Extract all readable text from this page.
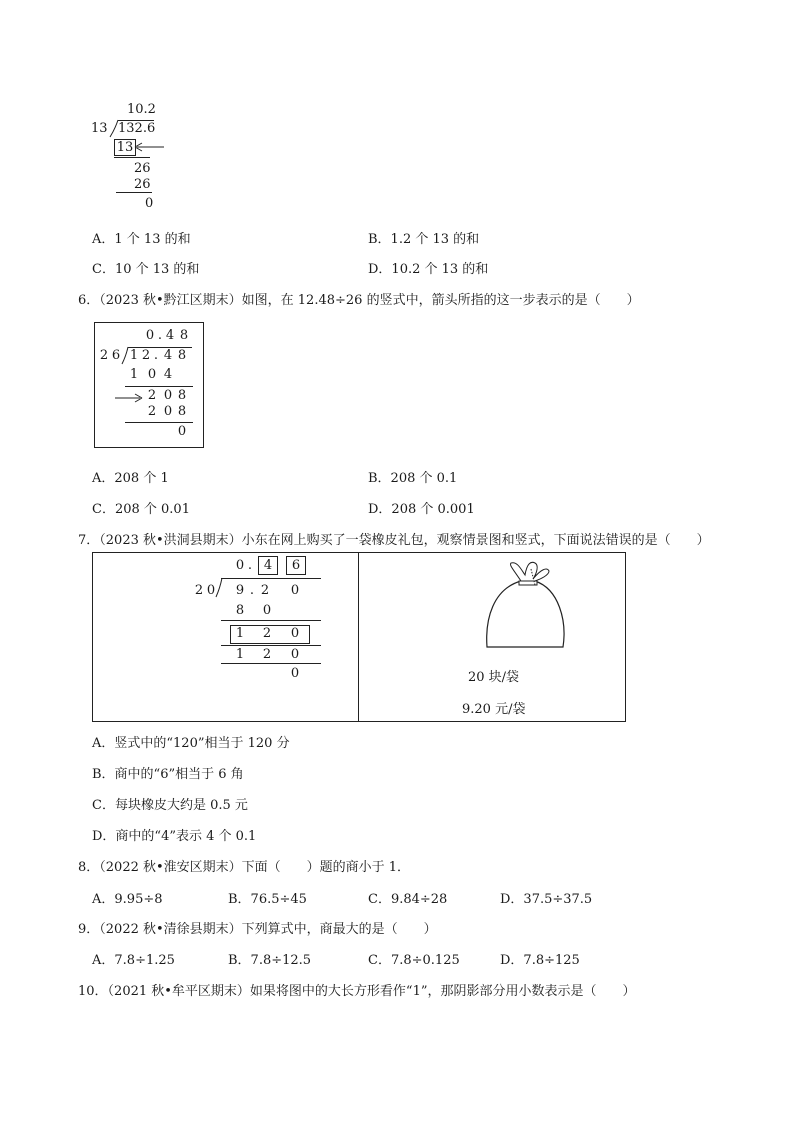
10.2
13 132.6
13
26
26
0
A．1 个 13 的和	B．1.2 个 13 的和
C．10 个 13 的和	D．10.2 个 13 的和
6．（2023 秋•黔江区期末）如图，在 12.48÷26 的竖式中，箭头所指的这一步表示的是（　　）
0 . 4 8
2 6 1 2 . 4 8
1 0 4
2 0 8
2 0 8
0
A．208 个 1	B．208 个 0.1
C．208 个 0.01	D．208 个 0.001
7．（2023 秋•洪洞县期末）小东在网上购买了一袋橡皮礼包，观察情景图和竖式，下面说法错误的是（　　）
0 . 4	6
2 0 9 . 2 0
8 0
1 2 0
1 2 0
0	20 块/袋
9.20 元/袋
A．竖式中的“120”相当于 120 分
B．商中的“6”相当于 6 角
C．每块橡皮大约是 0.5 元
D．商中的“4”表示 4 个 0.1
8．（2022 秋•淮安区期末）下面（　　）题的商小于 1．
A．9.95÷8	B．76.5÷45	C．9.84÷28	D．37.5÷37.5
9．（2022 秋•清徐县期末）下列算式中，商最大的是（　　）
A．7.8÷1.25	B．7.8÷12.5	C．7.8÷0.125	D．7.8÷125
10．（2021 秋•牟平区期末）如果将图中的大长方形看作“1”，那阴影部分用小数表示是（　　）
